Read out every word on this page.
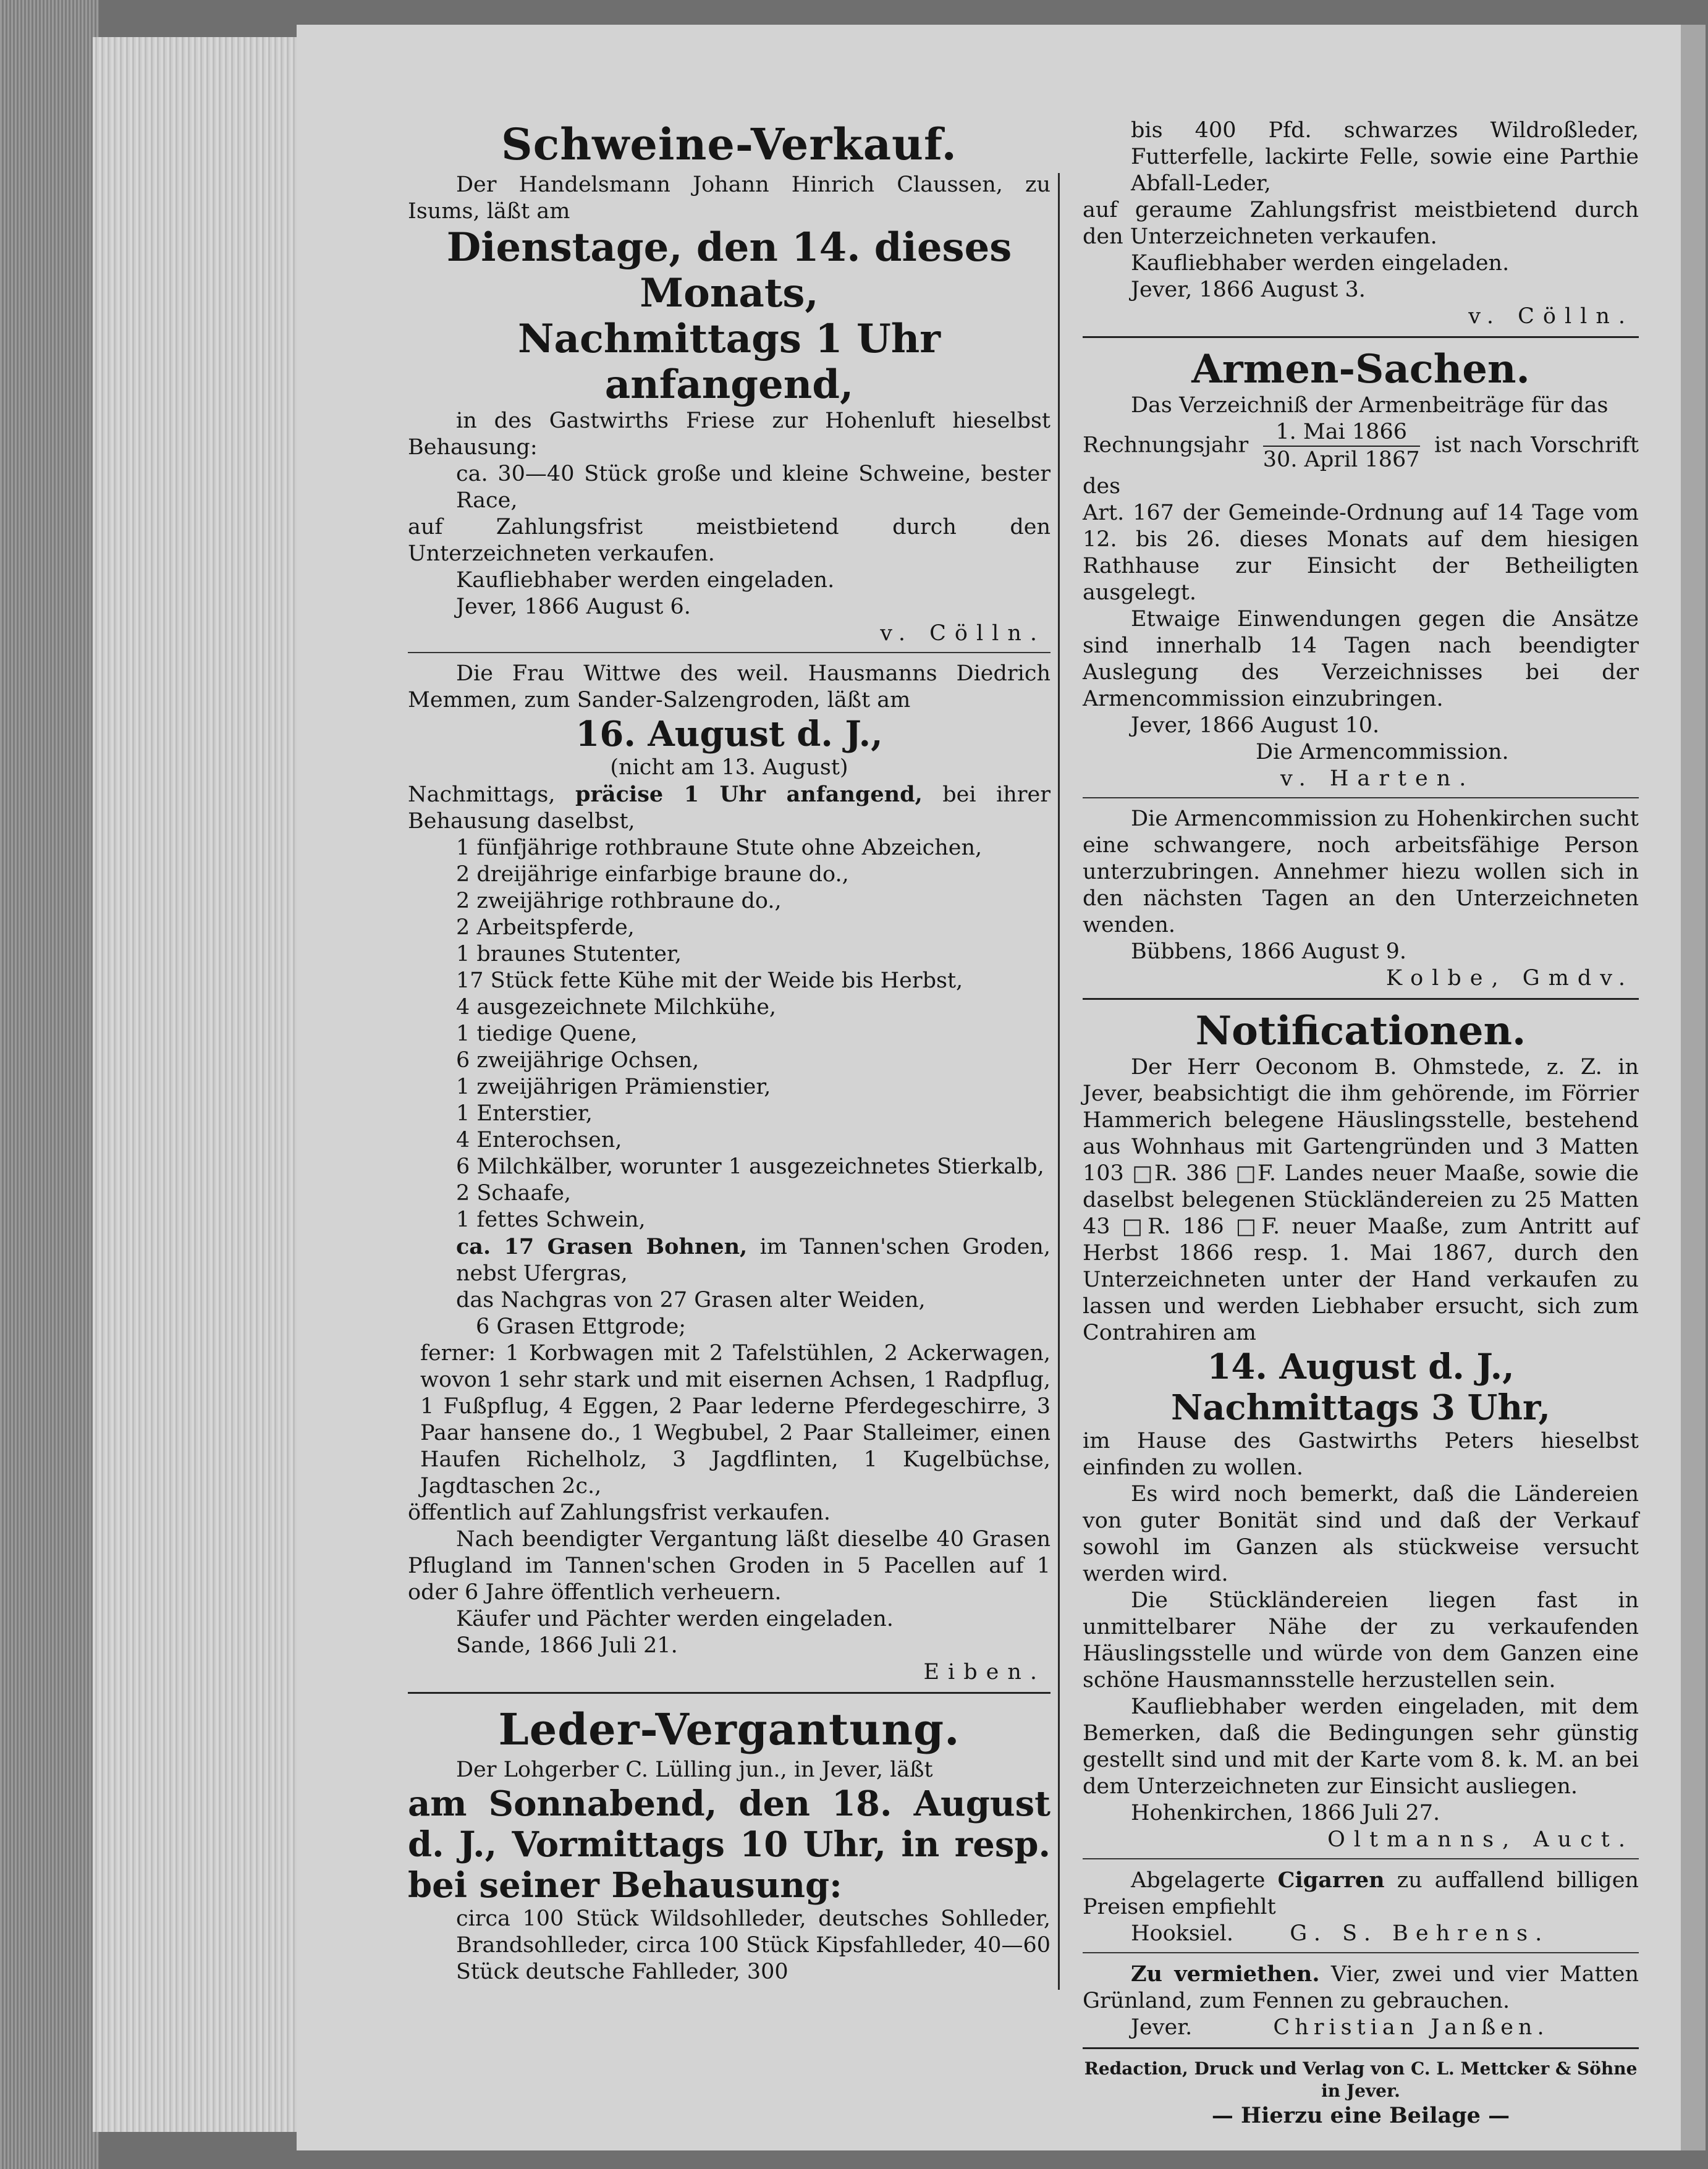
Schweine-Verkauf.

Der Handelsmann Johann Hinrich Claussen, zu Isums, läßt am

Dienstage, den 14. dieses Monats,

Nachmittags 1 Uhr anfangend,

in des Gastwirths Friese zur Hohenluft hieselbst Behausung:

ca. 30—40 Stück große und kleine Schweine, bester Race,

auf Zahlungsfrist meistbietend durch den Unterzeichneten verkaufen.

Kaufliebhaber werden eingeladen.

Jever, 1866 August 6.

v. Cölln.

Die Frau Wittwe des weil. Hausmanns Diedrich Memmen, zum Sander-Salzengroden, läßt am

16. August d. J.,

(nicht am 13. August)

Nachmittags, präcise 1 Uhr anfangend, bei ihrer Behausung daselbst,

1 fünfjährige rothbraune Stute ohne Abzeichen,

2 dreijährige einfarbige braune do.,

2 zweijährige rothbraune do.,

2 Arbeitspferde,

1 braunes Stutenter,

17 Stück fette Kühe mit der Weide bis Herbst,

4 ausgezeichnete Milchkühe,

1 tiedige Quene,

6 zweijährige Ochsen,

1 zweijährigen Prämienstier,

1 Enterstier,

4 Enterochsen,

6 Milchkälber, worunter 1 ausgezeichnetes Stierkalb,

2 Schaafe,

1 fettes Schwein,

ca. 17 Grasen Bohnen, im Tannen'schen Groden, nebst Ufergras,

das Nachgras von 27 Grasen alter Weiden,

6 Grasen Ettgrode;

ferner: 1 Korbwagen mit 2 Tafelstühlen, 2 Ackerwagen, wovon 1 sehr stark und mit eisernen Achsen, 1 Radpflug, 1 Fußpflug, 4 Eggen, 2 Paar lederne Pferdegeschirre, 3 Paar hansene do., 1 Wegbubel, 2 Paar Stalleimer, einen Haufen Richelholz, 3 Jagdflinten, 1 Kugelbüchse, Jagdtaschen 2c.,

öffentlich auf Zahlungsfrist verkaufen.

Nach beendigter Vergantung läßt dieselbe 40 Grasen Pflugland im Tannen'schen Groden in 5 Pacellen auf 1 oder 6 Jahre öffentlich verheuern.

Käufer und Pächter werden eingeladen.

Sande, 1866 Juli 21.

Eiben.

Leder-Vergantung.

Der Lohgerber C. Lülling jun., in Jever, läßt

am Sonnabend, den 18. August d. J., Vormittags 10 Uhr, in resp. bei seiner Behausung:

circa 100 Stück Wildsohlleder, deutsches Sohlleder, Brandsohlleder, circa 100 Stück Kipsfahlleder, 40—60 Stück deutsche Fahlleder, 300

bis 400 Pfd. schwarzes Wildroßleder, Futterfelle, lackirte Felle, sowie eine Parthie Abfall-Leder,

auf geraume Zahlungsfrist meistbietend durch den Unterzeichneten verkaufen.

Kaufliebhaber werden eingeladen.

Jever, 1866 August 3.

v. Cölln.

Armen-Sachen.

Das Verzeichniß der Armenbeiträge für das

Rechnungsjahr $\frac{\text{1. Mai 1866}}{\text{30. April 1867}}$ ist nach Vorschrift des

Art. 167 der Gemeinde-Ordnung auf 14 Tage vom 12. bis 26. dieses Monats auf dem hiesigen Rathhause zur Einsicht der Betheiligten ausgelegt.

Etwaige Einwendungen gegen die Ansätze sind innerhalb 14 Tagen nach beendigter Auslegung des Verzeichnisses bei der Armencommission einzubringen.

Jever, 1866 August 10.

Die Armencommission.

v. Harten.

Die Armencommission zu Hohenkirchen sucht eine schwangere, noch arbeitsfähige Person unterzubringen. Annehmer hiezu wollen sich in den nächsten Tagen an den Unterzeichneten wenden.

Bübbens, 1866 August 9.

Kolbe, Gmdv.

Notificationen.

Der Herr Oeconom B. Ohmstede, z. Z. in Jever, beabsichtigt die ihm gehörende, im Förrier Hammerich belegene Häuslingsstelle, bestehend aus Wohnhaus mit Gartengründen und 3 Matten 103 □R. 386 □F. Landes neuer Maaße, sowie die daselbst belegenen Stückländereien zu 25 Matten 43 □R. 186 □F. neuer Maaße, zum Antritt auf Herbst 1866 resp. 1. Mai 1867, durch den Unterzeichneten unter der Hand verkaufen zu lassen und werden Liebhaber ersucht, sich zum Contrahiren am

14. August d. J., Nachmittags 3 Uhr,

im Hause des Gastwirths Peters hieselbst einfinden zu wollen.

Es wird noch bemerkt, daß die Ländereien von guter Bonität sind und daß der Verkauf sowohl im Ganzen als stückweise versucht werden wird.

Die Stückländereien liegen fast in unmittelbarer Nähe der zu verkaufenden Häuslingsstelle und würde von dem Ganzen eine schöne Hausmannsstelle herzustellen sein.

Kaufliebhaber werden eingeladen, mit dem Bemerken, daß die Bedingungen sehr günstig gestellt sind und mit der Karte vom 8. k. M. an bei dem Unterzeichneten zur Einsicht ausliegen.

Hohenkirchen, 1866 Juli 27.

Oltmanns, Auct.

Abgelagerte Cigarren zu auffallend billigen Preisen empfiehlt

Hooksiel.	G. S. Behrens.

Zu vermiethen. Vier, zwei und vier Matten Grünland, zum Fennen zu gebrauchen.

Jever.	Christian Janßen.

Redaction, Druck und Verlag von C. L. Mettcker & Söhne in Jever.

— Hierzu eine Beilage —
